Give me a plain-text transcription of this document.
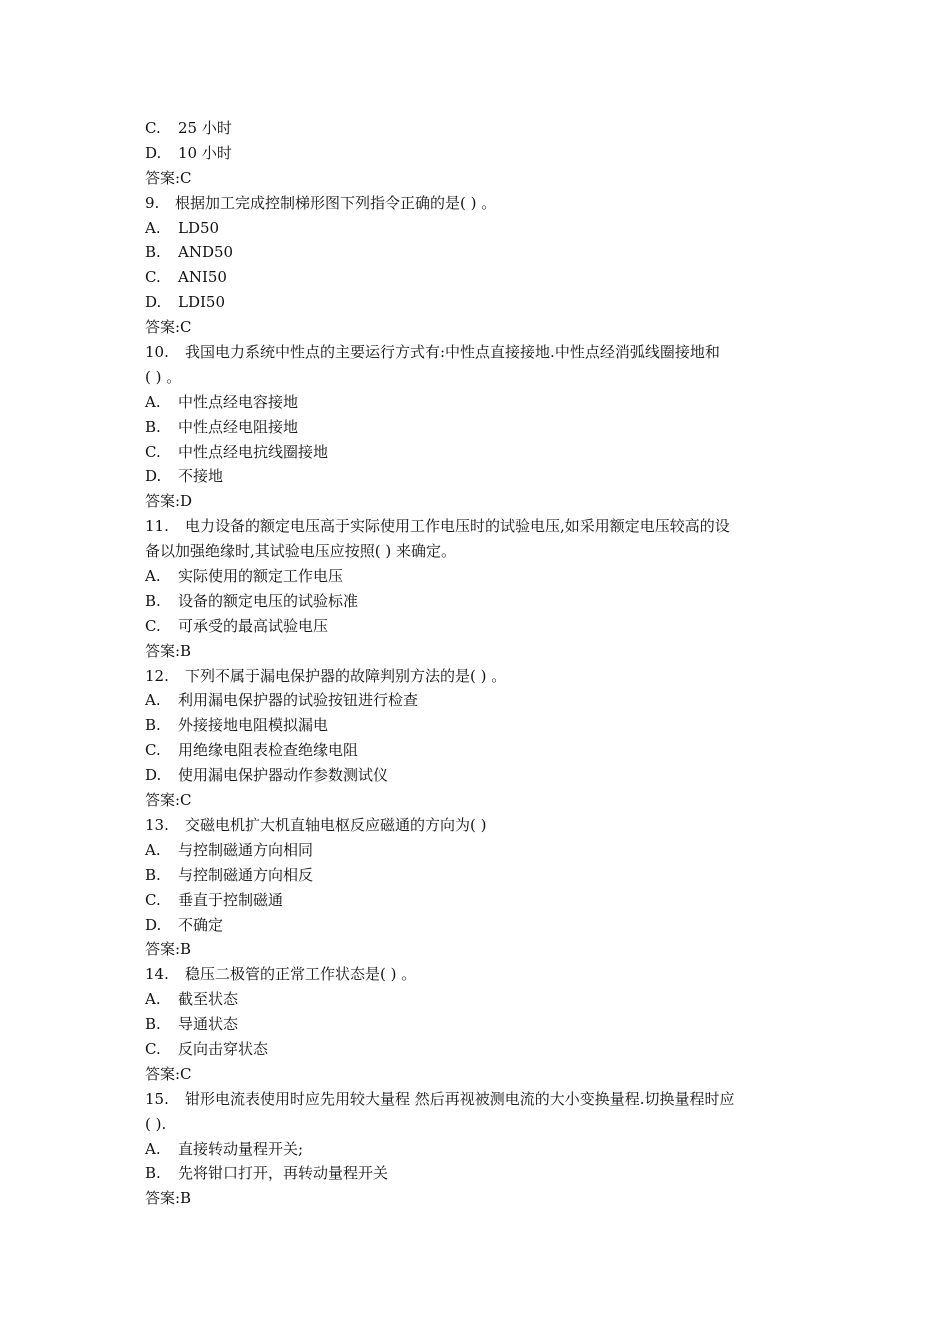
C.	25 小时
D.	10 小时
答案:C
9.	根据加工完成控制梯形图下列指令正确的是( ) 。
A.	LD50
B.	AND50
C.	ANI50
D.	LDI50
答案:C
10.	我国电力系统中性点的主要运行方式有:中性点直接接地.中性点经消弧线圈接地和
( ) 。
A.	中性点经电容接地
B.	中性点经电阻接地
C.	中性点经电抗线圈接地
D.	不接地
答案:D
11.	电力设备的额定电压高于实际使用工作电压时的试验电压,如采用额定电压较高的设
备以加强绝缘时,其试验电压应按照( ) 来确定。
A.	实际使用的额定工作电压
B.	设备的额定电压的试验标准
C.	可承受的最高试验电压
答案:B
12.	下列不属于漏电保护器的故障判别方法的是( ) 。
A.	利用漏电保护器的试验按钮进行检查
B.	外接接地电阻模拟漏电
C.	用绝缘电阻表检查绝缘电阻
D.	使用漏电保护器动作参数测试仪
答案:C
13.	交磁电机扩大机直轴电枢反应磁通的方向为( )
A.	与控制磁通方向相同
B.	与控制磁通方向相反
C.	垂直于控制磁通
D.	不确定
答案:B
14.	稳压二极管的正常工作状态是( ) 。
A.	截至状态
B.	导通状态
C.	反向击穿状态
答案:C
15.	钳形电流表使用时应先用较大量程 然后再视被测电流的大小变换量程.切换量程时应
( ).
A.	直接转动量程开关;
B.	先将钳口打开，再转动量程开关
答案:B
